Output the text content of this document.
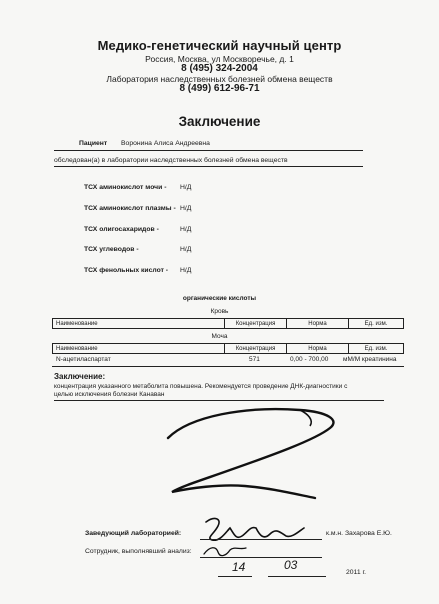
Медико-генетический научный центр
Россия, Москва, ул Москворечье, д. 1
8 (495) 324-2004
Лаборатория наследственных болезней обмена веществ
8 (499) 612-96-71
Заключение
Пациент Воронина Алиса Андреевна
обследован(а) в лаборатории наследственных болезней обмена веществ
ТСХ аминокислот мочи - Н/Д
ТСХ аминокислот плазмы - Н/Д
ТСХ олигосахаридов -	Н/Д
ТСХ углеводов -	Н/Д
ТСХ фенольных кислот - Н/Д
органические кислоты
Кровь
Наименование	Концентрация	Норма	Ед. изм.
Моча
Наименование	Концентрация	Норма	Ед. изм.
N-ацетиласпартат	571	0,00 - 700,00 мМ/М креатинина
Заключение:
концентрация указанного метаболита повышена. Рекомендуется проведение ДНК-диагностики с
целью исключения болезни Канаван
Заведующий лабораторией:	к.м.н. Захарова Е.Ю.
Сотрудник, выполнявший анализ:
14	03
2011 г.
